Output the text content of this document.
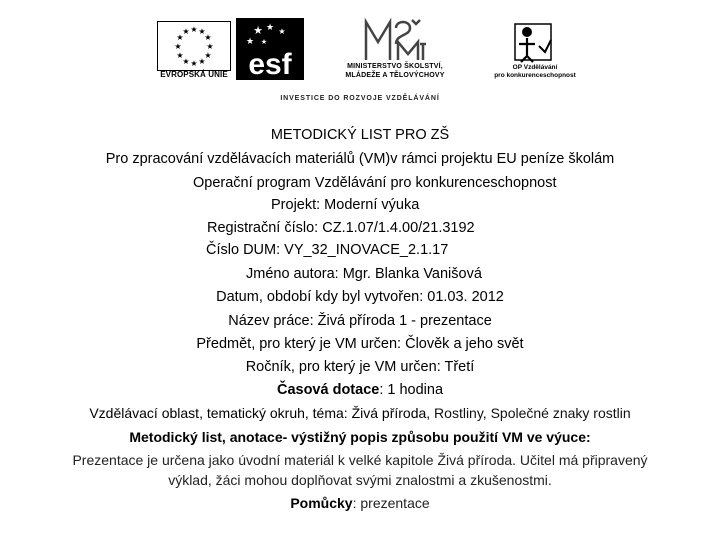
★ ★
★
★
★
★
★
★
★
★
★
★
EVROPSKÁ UNIE
★ ★ ★
★ ★
esf	MINISTERSTVO ŠKOLSTVÍ,
MLÁDEŽE A TĚLOVÝCHOVY
OP Vzdělávání
pro konkurenceschopnost
INVESTICE DO ROZVOJE VZDĚLÁVÁNÍ
METODICKÝ LIST PRO ZŠ
Pro zpracování vzdělávacích materiálů (VM)v rámci projektu EU peníze školám
Operační program Vzdělávání pro konkurenceschopnost
Projekt: Moderní výuka
Registrační číslo: CZ.1.07/1.4.00/21.3192
Číslo DUM: VY_32_INOVACE_2.1.17
Jméno autora: Mgr. Blanka Vanišová
Datum, období kdy byl vytvořen: 01.03. 2012
Název práce: Živá příroda 1 - prezentace
Předmět, pro který je VM určen: Člověk a jeho svět
Ročník, pro který je VM určen: Třetí
Časová dotace: 1 hodina
Vzdělávací oblast, tematický okruh, téma: Živá příroda, Rostliny, Společné znaky rostlin
Metodický list, anotace- výstižný popis způsobu použití VM ve výuce:
Prezentace je určena jako úvodní materiál k velké kapitole Živá příroda. Učitel má připravený
výklad, žáci mohou doplňovat svými znalostmi a zkušenostmi.
Pomůcky: prezentace
